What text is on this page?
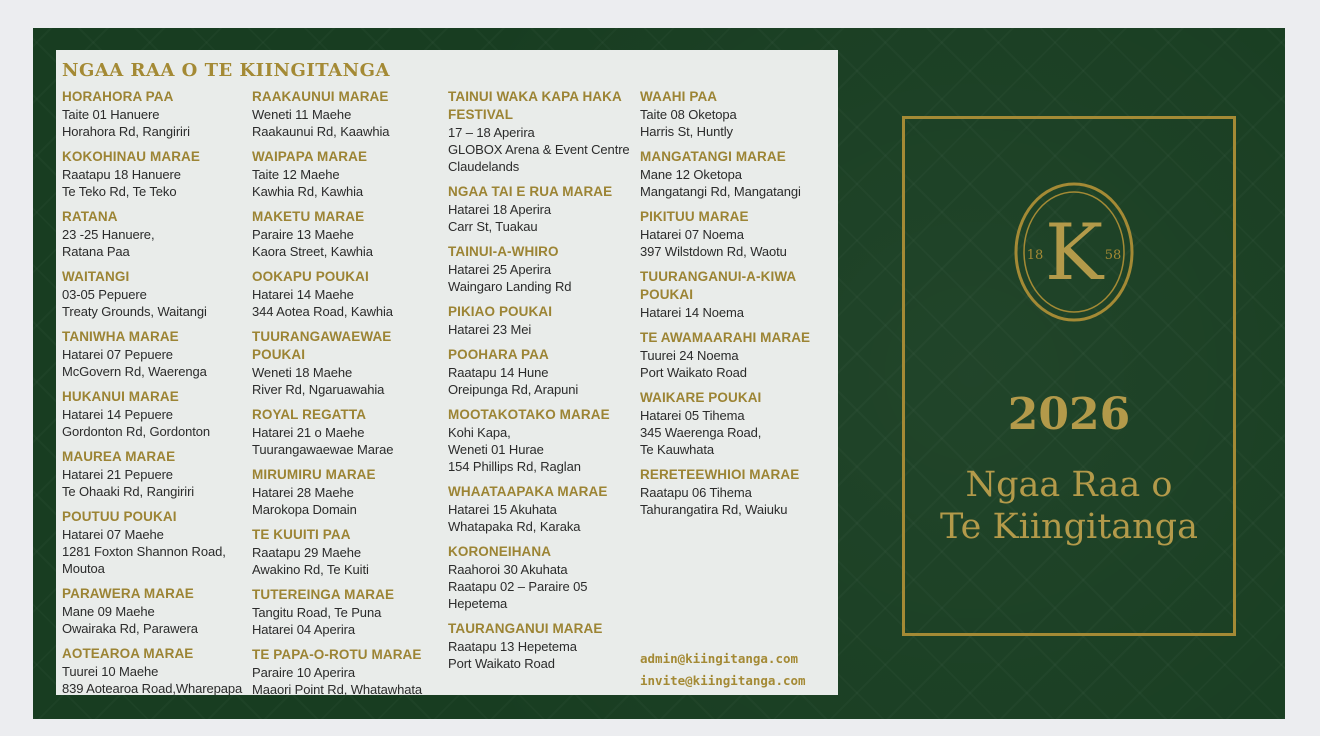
NGAA RAA O TE KIINGITANGA
HORAHORA PAA
Taite 01 Hanuere
Horahora Rd, Rangiriri
KOKOHINAU MARAE
Raatapu 18 Hanuere
Te Teko Rd, Te Teko
RATANA
23 -25 Hanuere,
Ratana Paa
WAITANGI
03-05 Pepuere
Treaty Grounds, Waitangi
TANIWHA MARAE
Hatarei 07 Pepuere
McGovern Rd, Waerenga
HUKANUI MARAE
Hatarei 14 Pepuere
Gordonton Rd, Gordonton
MAUREA MARAE
Hatarei 21 Pepuere
Te Ohaaki Rd, Rangiriri
POUTUU POUKAI
Hatarei 07 Maehe
1281 Foxton Shannon Road,
Moutoa
PARAWERA MARAE
Mane 09 Maehe
Owairaka Rd, Parawera
AOTEAROA MARAE
Tuurei 10 Maehe
839 Aotearoa Road,Wharepapa
RAAKAUNUI MARAE
Weneti 11 Maehe
Raakaunui Rd, Kaawhia
WAIPAPA MARAE
Taite 12 Maehe
Kawhia Rd, Kawhia
MAKETU MARAE
Paraire 13 Maehe
Kaora Street, Kawhia
OOKAPU POUKAI
Hatarei 14 Maehe
344 Aotea Road, Kawhia
TUURANGAWAEWAE POUKAI
Weneti 18 Maehe
River Rd, Ngaruawahia
ROYAL REGATTA
Hatarei 21 o Maehe
Tuurangawaewae Marae
MIRUMIRU MARAE
Hatarei 28 Maehe
Marokopa Domain
TE KUUITI PAA
Raatapu 29 Maehe
Awakino Rd, Te Kuiti
TUTEREINGA MARAE
Tangitu Road, Te Puna
Hatarei 04 Aperira
TE PAPA-O-ROTU MARAE
Paraire 10 Aperira
Maaori Point Rd, Whatawhata
TAINUI WAKA KAPA HAKA FESTIVAL
17 – 18 Aperira
GLOBOX Arena & Event Centre
Claudelands
NGAA TAI E RUA MARAE
Hatarei 18 Aperira
Carr St, Tuakau
TAINUI-A-WHIRO
Hatarei 25 Aperira
Waingaro Landing Rd
PIKIAO POUKAI
Hatarei 23 Mei
POOHARA PAA
Raatapu 14 Hune
Oreipunga Rd, Arapuni
MOOTAKOTAKO MARAE
Kohi Kapa,
Weneti 01 Hurae
154 Phillips Rd, Raglan
WHAATAAPAKA MARAE
Hatarei 15 Akuhata
Whatapaka Rd, Karaka
KORONEIHANA
Raahoroi 30 Akuhata
Raatapu 02 – Paraire 05
Hepetema
TAURANGANUI MARAE
Raatapu 13 Hepetema
Port Waikato Road
WAAHI PAA
Taite 08 Oketopa
Harris St, Huntly
MANGATANGI MARAE
Mane 12 Oketopa
Mangatangi Rd, Mangatangi
PIKITUU MARAE
Hatarei 07 Noema
397 Wilstdown Rd, Waotu
TUURANGANUI-A-KIWA POUKAI
Hatarei 14 Noema
TE AWAMAARAHI MARAE
Tuurei 24 Noema
Port Waikato Road
WAIKARE POUKAI
Hatarei 05 Tihema
345 Waerenga Road,
Te Kauwhata
RERETEEWHIOI MARAE
Raatapu 06 Tihema
Tahurangatira Rd, Waiuku
admin@kiingitanga.com
invite@kiingitanga.com
K
18	58
2026
Ngaa Raa o
Te Kiingitanga
